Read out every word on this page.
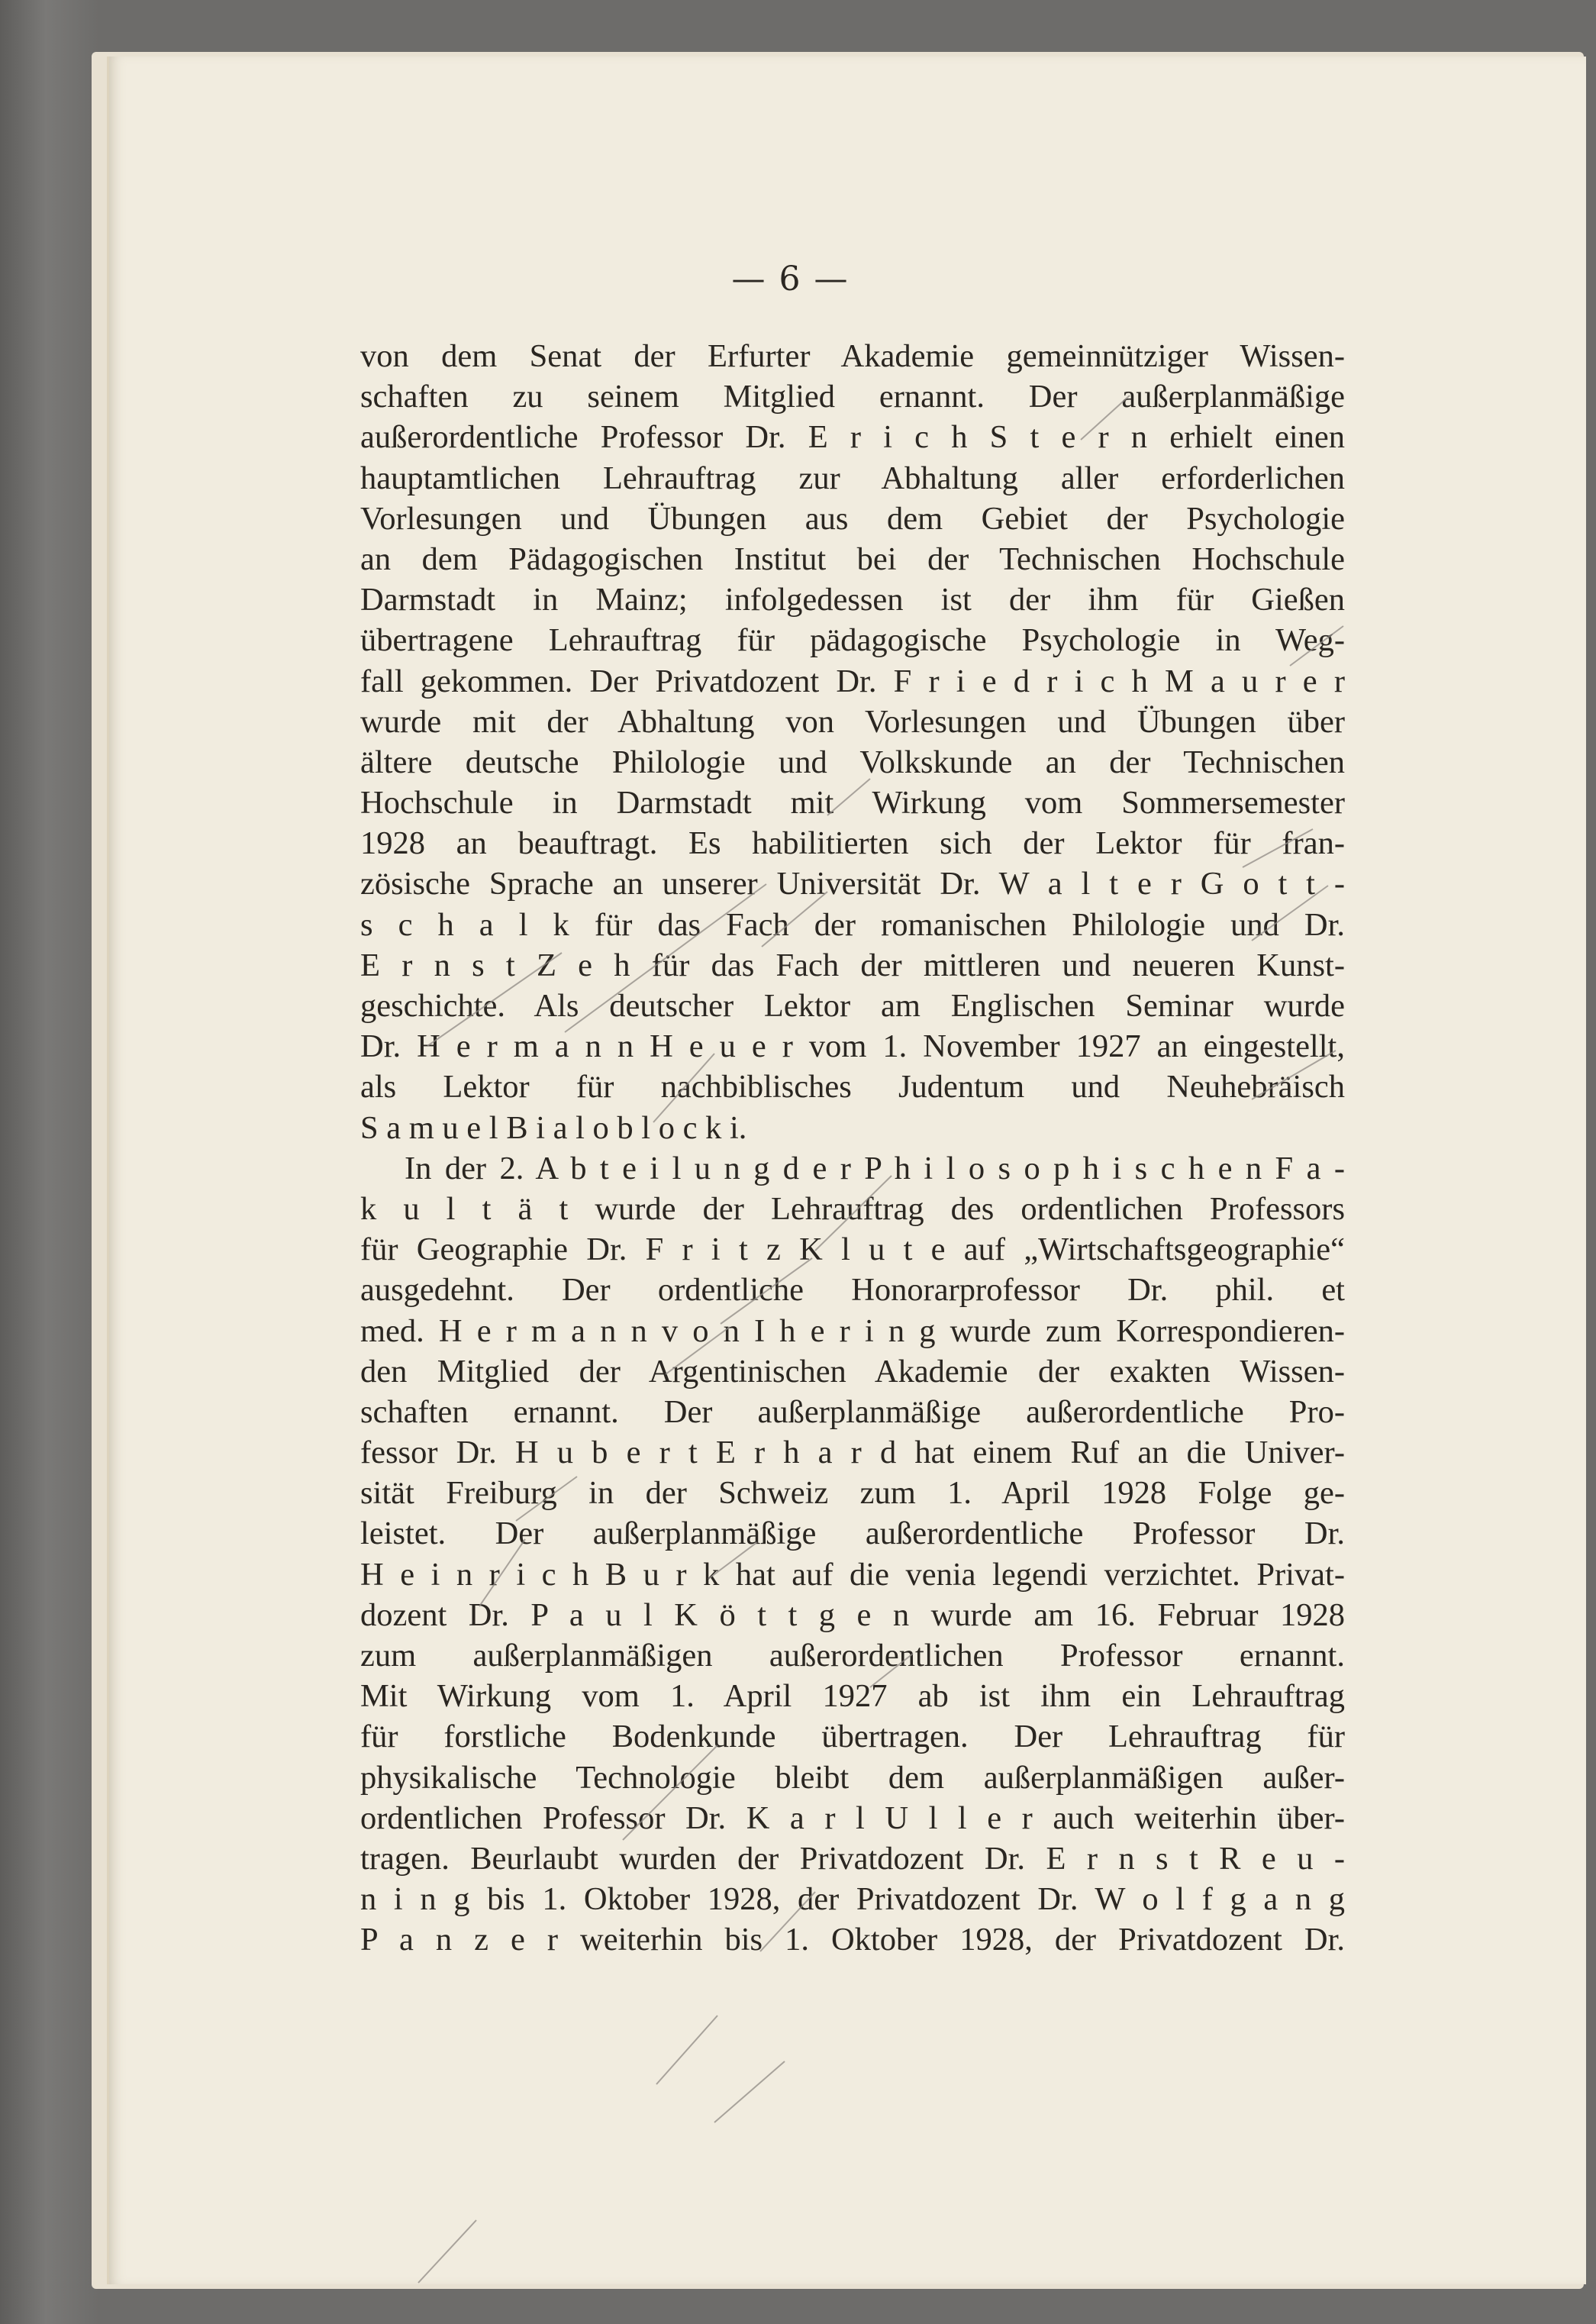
— 6 —
von dem Senat der Erfurter Akademie gemeinnütziger Wissen-
schaften zu seinem Mitglied ernannt. Der außerplanmäßige
außerordentliche Professor Dr. E r i c h S t e r n erhielt einen
hauptamtlichen Lehrauftrag zur Abhaltung aller erforderlichen
Vorlesungen und Übungen aus dem Gebiet der Psychologie
an dem Pädagogischen Institut bei der Technischen Hochschule
Darmstadt in Mainz; infolgedessen ist der ihm für Gießen
übertragene Lehrauftrag für pädagogische Psychologie in Weg-
fall gekommen. Der Privatdozent Dr. F r i e d r i c h M a u r e r
wurde mit der Abhaltung von Vorlesungen und Übungen über
ältere deutsche Philologie und Volkskunde an der Technischen
Hochschule in Darmstadt mit Wirkung vom Sommersemester
1928 an beauftragt. Es habilitierten sich der Lektor für fran-
zösische Sprache an unserer Universität Dr. W a l t e r G o t t -
s c h a l k für das Fach der romanischen Philologie und Dr.
E r n s t Z e h für das Fach der mittleren und neueren Kunst-
geschichte. Als deutscher Lektor am Englischen Seminar wurde
Dr. H e r m a n n H e u e r vom 1. November 1927 an eingestellt,
als Lektor für nachbiblisches Judentum und Neuhebräisch
S a m u e l B i a l o b l o c k i.
In der 2. A b t e i l u n g d e r P h i l o s o p h i s c h e n F a -
k u l t ä t wurde der Lehrauftrag des ordentlichen Professors
für Geographie Dr. F r i t z K l u t e auf „Wirtschaftsgeographie“
ausgedehnt. Der ordentliche Honorarprofessor Dr. phil. et
med. H e r m a n n v o n I h e r i n g wurde zum Korrespondieren-
den Mitglied der Argentinischen Akademie der exakten Wissen-
schaften ernannt. Der außerplanmäßige außerordentliche Pro-
fessor Dr. H u b e r t E r h a r d hat einem Ruf an die Univer-
sität Freiburg in der Schweiz zum 1. April 1928 Folge ge-
leistet. Der außerplanmäßige außerordentliche Professor Dr.
H e i n r i c h B u r k hat auf die venia legendi verzichtet. Privat-
dozent Dr. P a u l K ö t t g e n wurde am 16. Februar 1928
zum außerplanmäßigen außerordentlichen Professor ernannt.
Mit Wirkung vom 1. April 1927 ab ist ihm ein Lehrauftrag
für forstliche Bodenkunde übertragen. Der Lehrauftrag für
physikalische Technologie bleibt dem außerplanmäßigen außer-
ordentlichen Professor Dr. K a r l U l l e r auch weiterhin über-
tragen. Beurlaubt wurden der Privatdozent Dr. E r n s t R e u -
n i n g bis 1. Oktober 1928, der Privatdozent Dr. W o l f g a n g
P a n z e r weiterhin bis 1. Oktober 1928, der Privatdozent Dr.
